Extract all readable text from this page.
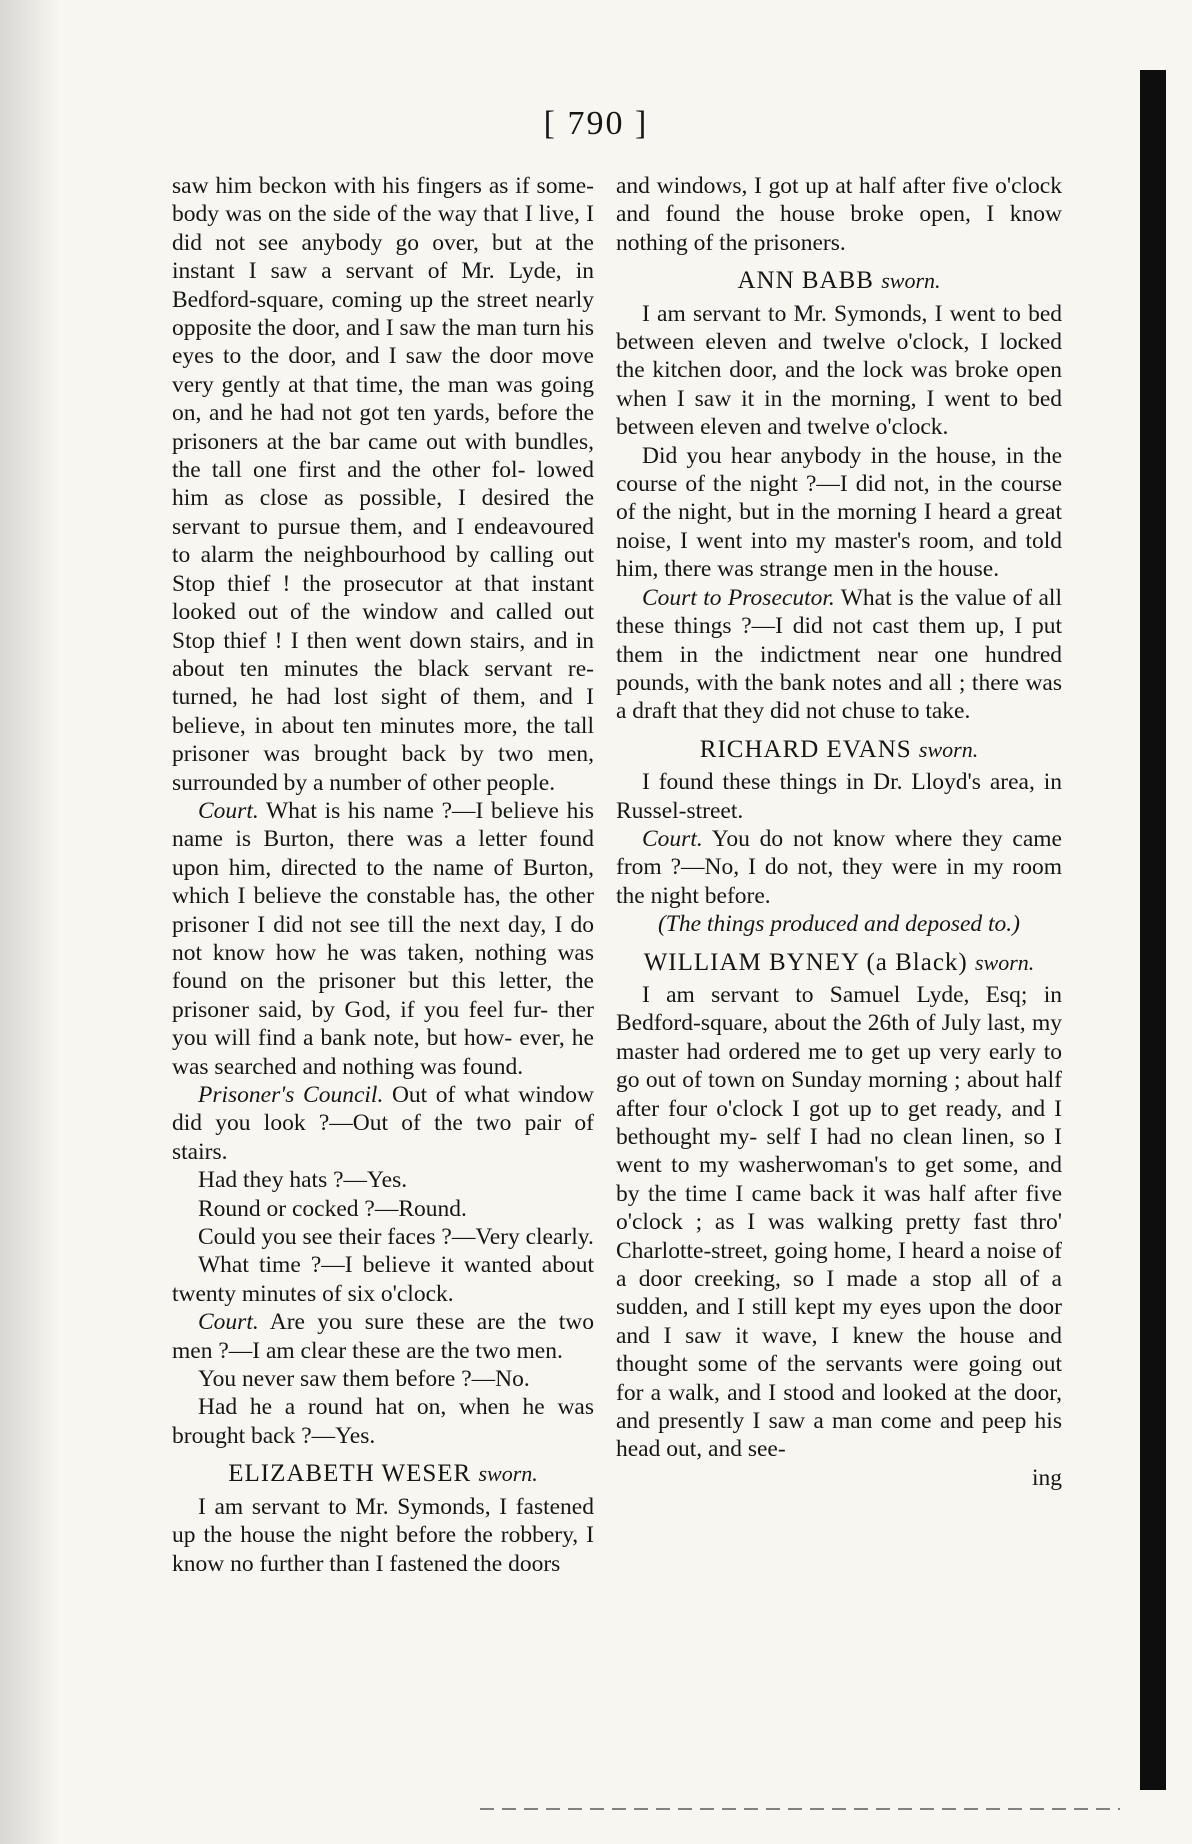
[ 790 ]

saw him beckon with his fingers as if some- body was on the side of the way that I live, I did not see anybody go over, but at the instant I saw a servant of Mr. Lyde, in Bedford-square, coming up the street nearly opposite the door, and I saw the man turn his eyes to the door, and I saw the door move very gently at that time, the man was going on, and he had not got ten yards, before the prisoners at the bar came out with bundles, the tall one first and the other fol- lowed him as close as possible, I desired the servant to pursue them, and I endeavoured to alarm the neighbourhood by calling out Stop thief ! the prosecutor at that instant looked out of the window and called out Stop thief ! I then went down stairs, and in about ten minutes the black servant re- turned, he had lost sight of them, and I believe, in about ten minutes more, the tall prisoner was brought back by two men, surrounded by a number of other people.

Court. What is his name ?—I believe his name is Burton, there was a letter found upon him, directed to the name of Burton, which I believe the constable has, the other prisoner I did not see till the next day, I do not know how he was taken, nothing was found on the prisoner but this letter, the prisoner said, by God, if you feel fur- ther you will find a bank note, but how- ever, he was searched and nothing was found.

Prisoner's Council. Out of what window did you look ?—Out of the two pair of stairs.

Had they hats ?—Yes.

Round or cocked ?—Round.

Could you see their faces ?—Very clearly.

What time ?—I believe it wanted about twenty minutes of six o'clock.

Court. Are you sure these are the two men ?—I am clear these are the two men.

You never saw them before ?—No.

Had he a round hat on, when he was brought back ?—Yes.

ELIZABETH WESER sworn.

I am servant to Mr. Symonds, I fastened up the house the night before the robbery, I know no further than I fastened the doors

and windows, I got up at half after five o'clock and found the house broke open, I know nothing of the prisoners.

ANN BABB sworn.

I am servant to Mr. Symonds, I went to bed between eleven and twelve o'clock, I locked the kitchen door, and the lock was broke open when I saw it in the morning, I went to bed between eleven and twelve o'clock.

Did you hear anybody in the house, in the course of the night ?—I did not, in the course of the night, but in the morning I heard a great noise, I went into my master's room, and told him, there was strange men in the house.

Court to Prosecutor. What is the value of all these things ?—I did not cast them up, I put them in the indictment near one hundred pounds, with the bank notes and all ; there was a draft that they did not chuse to take.

RICHARD EVANS sworn.

I found these things in Dr. Lloyd's area, in Russel-street.

Court. You do not know where they came from ?—No, I do not, they were in my room the night before.

(The things produced and deposed to.)

WILLIAM BYNEY (a Black) sworn.

I am servant to Samuel Lyde, Esq; in Bedford-square, about the 26th of July last, my master had ordered me to get up very early to go out of town on Sunday morning ; about half after four o'clock I got up to get ready, and I bethought my- self I had no clean linen, so I went to my washerwoman's to get some, and by the time I came back it was half after five o'clock ; as I was walking pretty fast thro' Charlotte-street, going home, I heard a noise of a door creeking, so I made a stop all of a sudden, and I still kept my eyes upon the door and I saw it wave, I knew the house and thought some of the servants were going out for a walk, and I stood and looked at the door, and presently I saw a man come and peep his head out, and see-

ing
